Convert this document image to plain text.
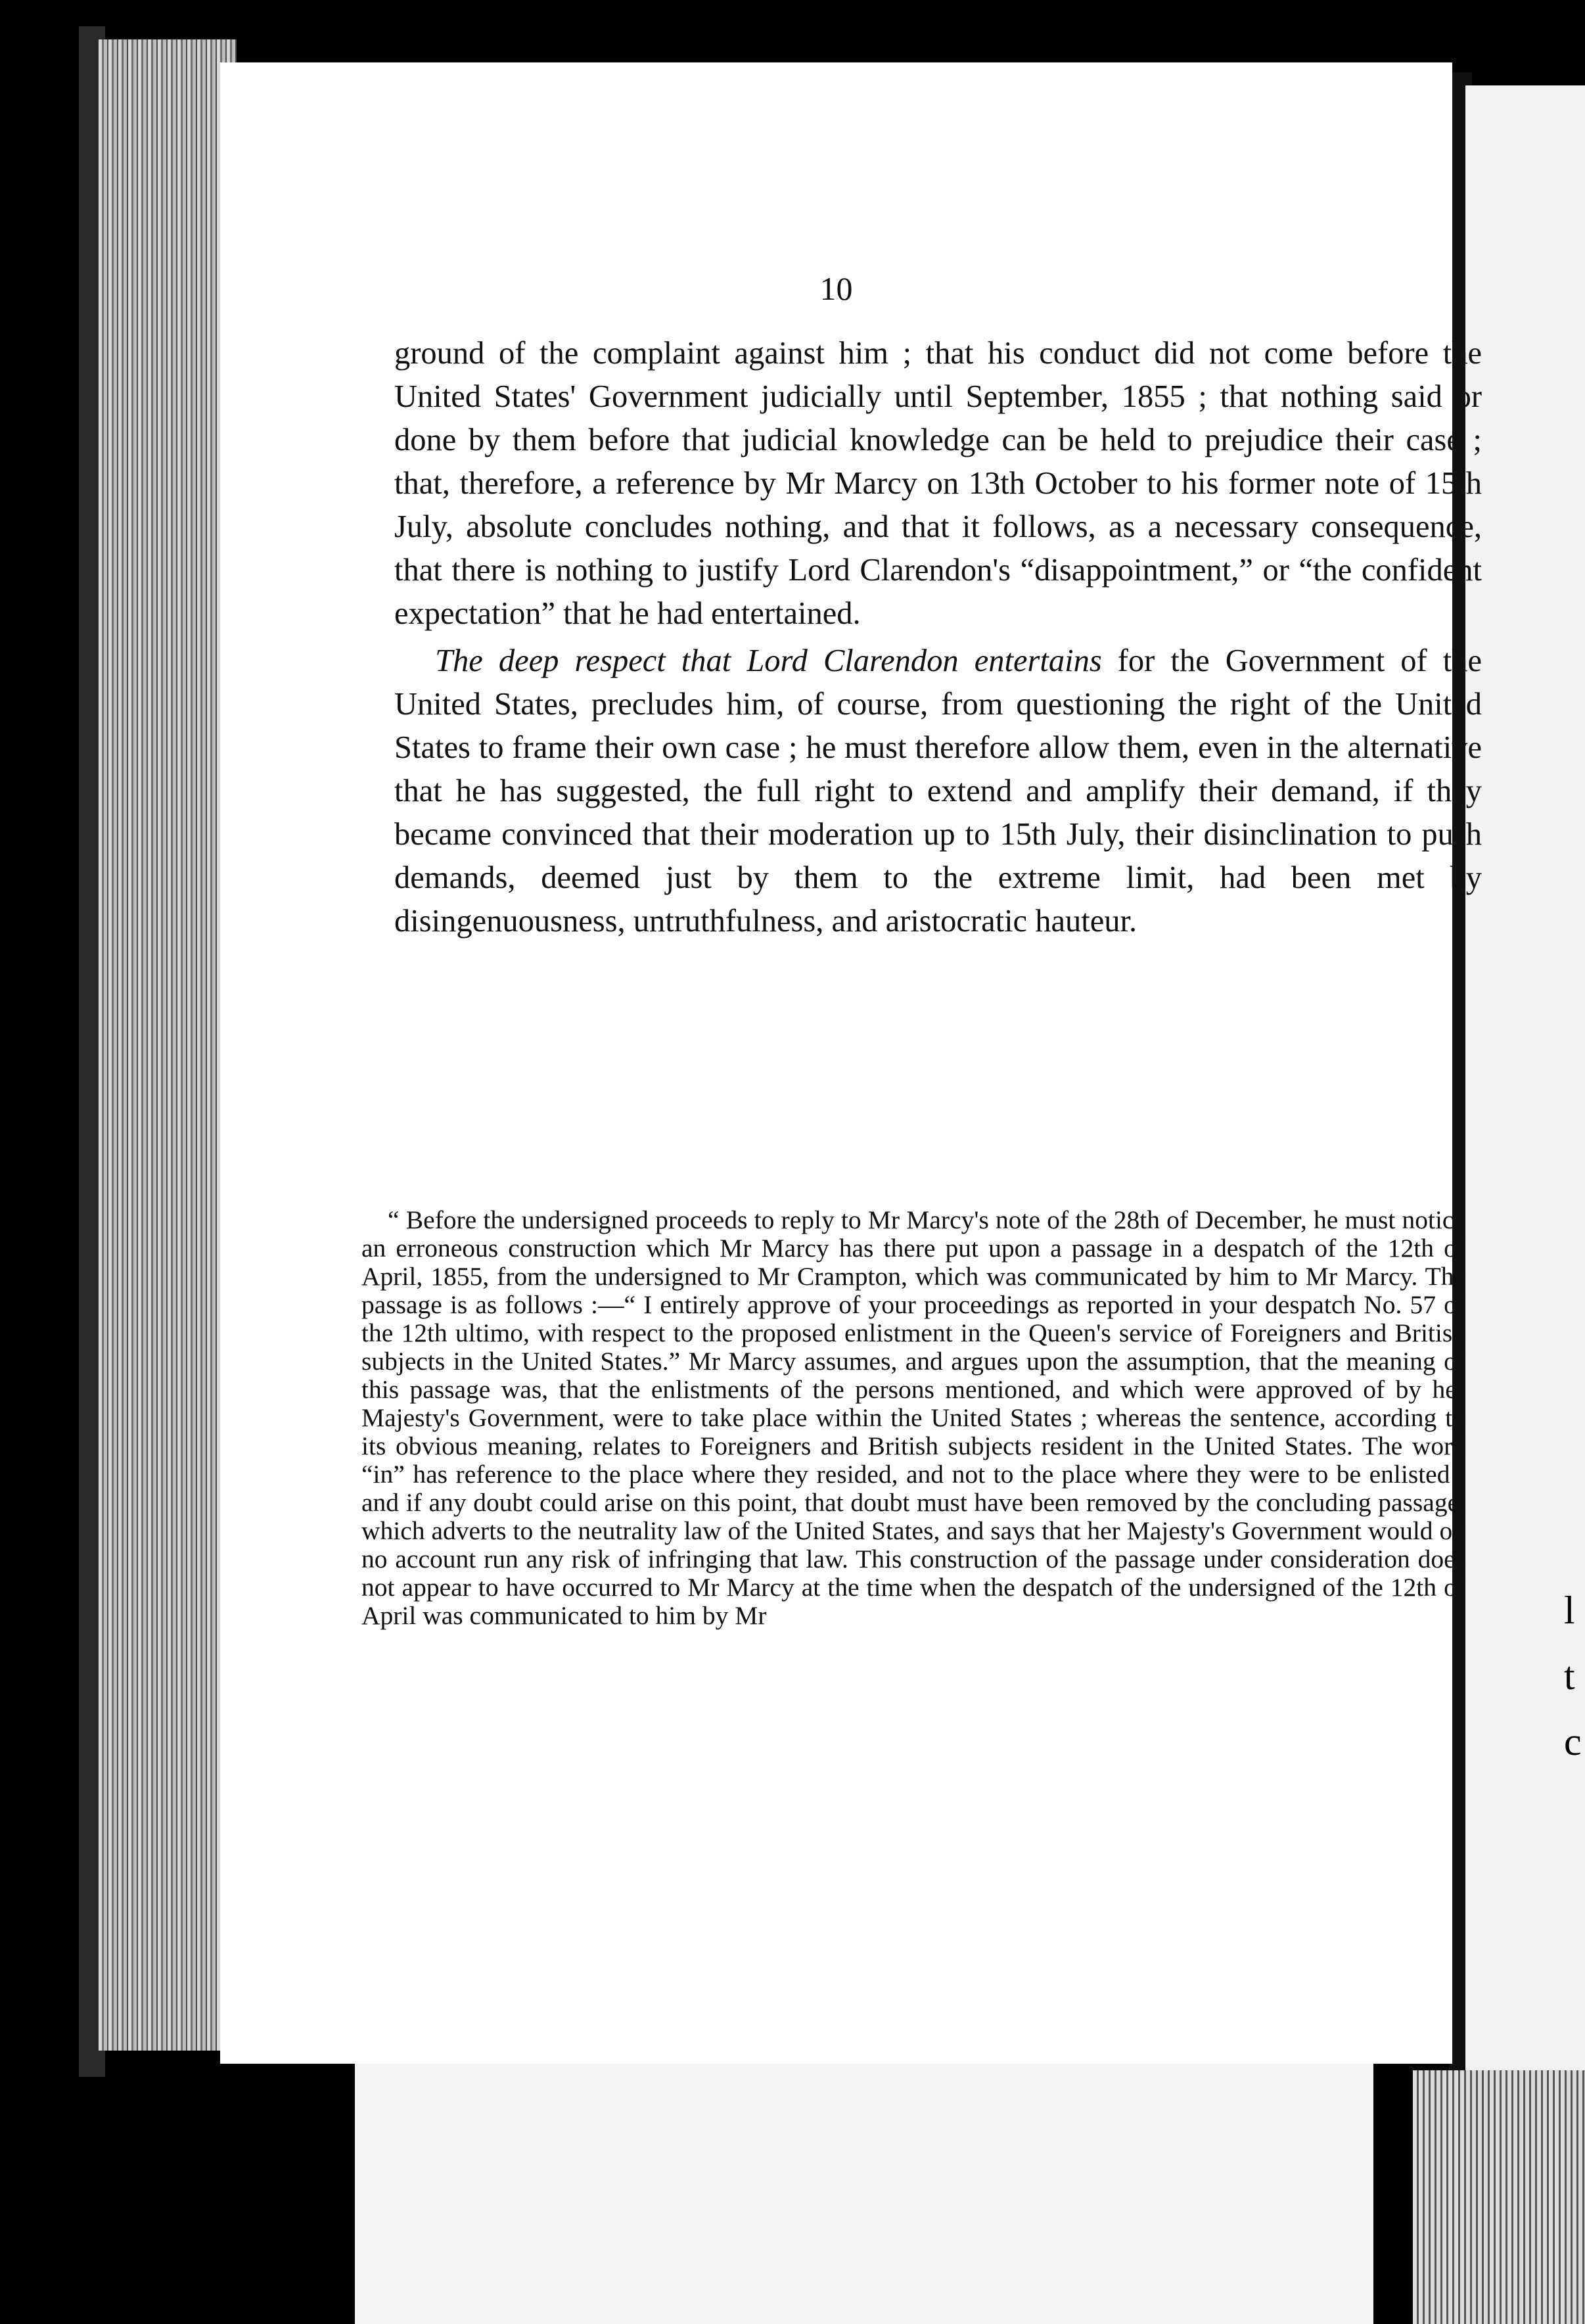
l
t
c
10

ground of the complaint against him ; that his conduct did not come before the United States' Government judicially until September, 1855 ; that nothing said or done by them before that judicial knowledge can be held to prejudice their case ; that, therefore, a reference by Mr Marcy on 13th October to his former note of 15th July, absolute concludes nothing, and that it follows, as a necessary consequence, that there is nothing to justify Lord Clarendon's “disappointment,” or “the confident expectation” that he had entertained.

The deep respect that Lord Clarendon entertains for the Government of the United States, precludes him, of course, from questioning the right of the United States to frame their own case ; he must therefore allow them, even in the alternative that he has suggested, the full right to extend and amplify their demand, if they became convinced that their moderation up to 15th July, their disinclination to push demands, deemed just by them to the extreme limit, had been met by disingenuousness, untruthfulness, and aristocratic hauteur.

“ Before the undersigned proceeds to reply to Mr Marcy's note of the 28th of December, he must notice an erroneous construction which Mr Marcy has there put upon a passage in a despatch of the 12th of April, 1855, from the undersigned to Mr Crampton, which was communicated by him to Mr Marcy. The passage is as follows :—“ I entirely approve of your proceedings as reported in your despatch No. 57 of the 12th ultimo, with respect to the proposed enlistment in the Queen's service of Foreigners and British subjects in the United States.” Mr Marcy assumes, and argues upon the assumption, that the meaning of this passage was, that the enlistments of the persons mentioned, and which were approved of by her Majesty's Government, were to take place within the United States ; whereas the sentence, according to its obvious meaning, relates to Foreigners and British subjects resident in the United States. The word “in” has reference to the place where they resided, and not to the place where they were to be enlisted ; and if any doubt could arise on this point, that doubt must have been removed by the concluding passage, which adverts to the neutrality law of the United States, and says that her Majesty's Government would on no account run any risk of infringing that law. This construction of the passage under consideration does not appear to have occurred to Mr Marcy at the time when the despatch of the undersigned of the 12th of April was communicated to him by Mr
